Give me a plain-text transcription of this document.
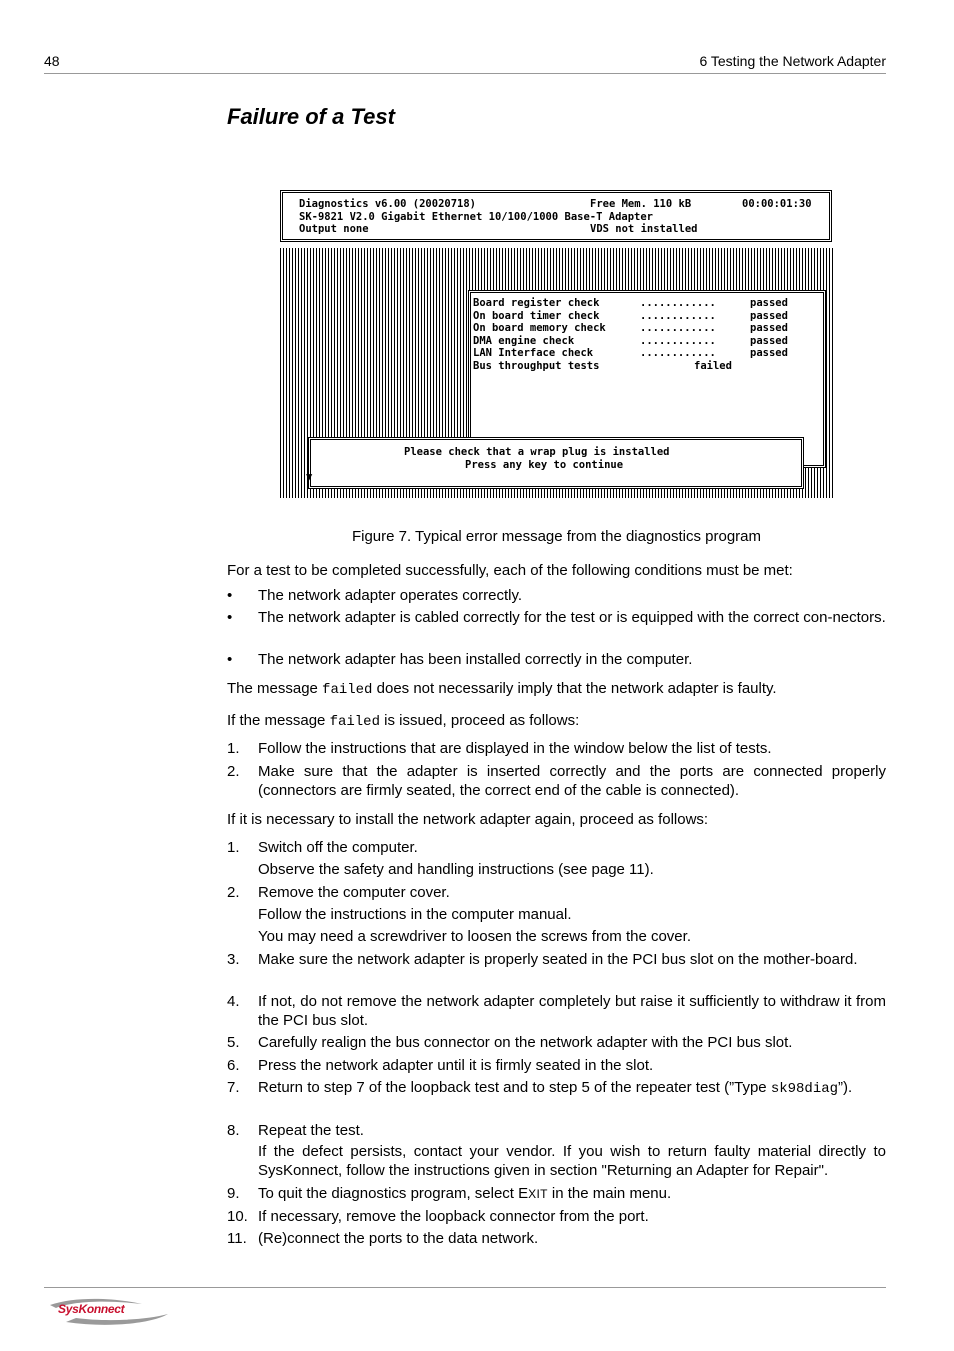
48	6 Testing the Network Adapter
Failure of a Test
Diagnostics v6.00 (20020718)	Free Mem. 110 kB	00:00:01:30
SK-9821 V2.0 Gigabit Ethernet 10/100/1000 Base-T Adapter
Output none	VDS not installed
Board register check	............	passed
On board timer check	............	passed
On board memory check	............	passed
DMA engine check	............	passed
LAN Interface check	............	passed
Bus throughput tests	failed
Please check that a wrap plug is installed
Press any key to continue
▼
Figure 7. Typical error message from the diagnostics program
For a test to be completed successfully, each of the following conditions must be met:
• The network adapter operates correctly.
• The network adapter is cabled correctly for the test or is equipped with the correct con-nectors.
• The network adapter has been installed correctly in the computer.
The message failed does not necessarily imply that the network adapter is faulty.
If the message failed is issued, proceed as follows:
1. Follow the instructions that are displayed in the window below the list of tests.
2. Make sure that the adapter is inserted correctly and the ports are connected properly (connectors are firmly seated, the correct end of the cable is connected).
If it is necessary to install the network adapter again, proceed as follows:
1. Switch off the computer.
Observe the safety and handling instructions (see page 11).
2. Remove the computer cover.
Follow the instructions in the computer manual.
You may need a screwdriver to loosen the screws from the cover.
3. Make sure the network adapter is properly seated in the PCI bus slot on the mother-board.
4. If not, do not remove the network adapter completely but raise it sufficiently to withdraw it from the PCI bus slot.
5. Carefully realign the bus connector on the network adapter with the PCI bus slot.
6. Press the network adapter until it is firmly seated in the slot.
7. Return to step 7 of the loopback test and to step 5 of the repeater test (”Type sk98diag”).
8. Repeat the test.
If the defect persists, contact your vendor. If you wish to return faulty material directly to SysKonnect, follow the instructions given in section "Returning an Adapter for Repair".
9. To quit the diagnostics program, select EXIT in the main menu.
10. If necessary, remove the loopback connector from the port.
11. (Re)connect the ports to the data network.
SysKonnect
